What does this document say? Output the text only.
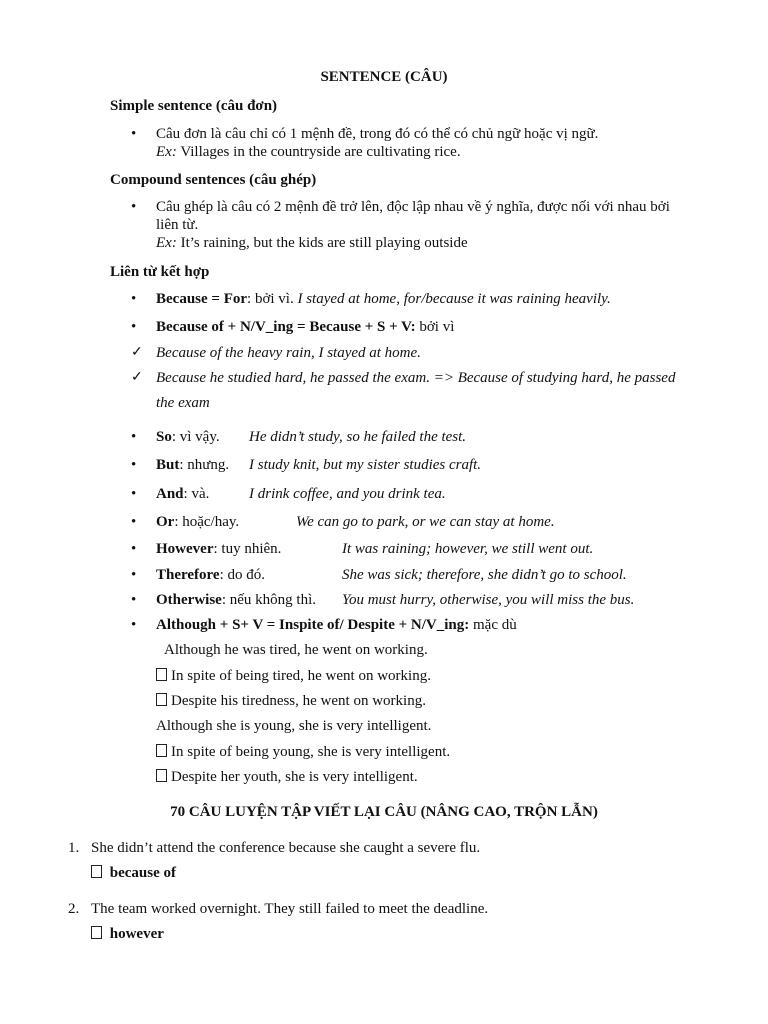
SENTENCE (CÂU)
Simple sentence (câu đơn)
• Câu đơn là câu chỉ có 1 mệnh đề, trong đó có thể có chủ ngữ hoặc vị ngữ.
Ex: Villages in the countryside are cultivating rice.
Compound sentences (câu ghép)
• Câu ghép là câu có 2 mệnh đề trở lên, độc lập nhau về ý nghĩa, được nối với nhau bởi
liên từ.
Ex: It’s raining, but the kids are still playing outside
Liên từ kết hợp
• Because = For: bởi vì. I stayed at home, for/because it was raining heavily.
• Because of + N/V_ing = Because + S + V: bởi vì
✓ Because of the heavy rain, I stayed at home.
✓ Because he studied hard, he passed the exam. => Because of studying hard, he passed
the exam
• So: vì vậy. He didn’t study, so he failed the test.
• But: nhưng. I study knit, but my sister studies craft.
• And: và.	I drink coffee, and you drink tea.
• Or: hoặc/hay.	We can go to park, or we can stay at home.
• However: tuy nhiên.	It was raining; however, we still went out.
• Therefore: do đó.	She was sick; therefore, she didn’t go to school.
• Otherwise: nếu không thì. You must hurry, otherwise, you will miss the bus.
• Although + S+ V = Inspite of/ Despite + N/V_ing: mặc dù
Although he was tired, he went on working.
In spite of being tired, he went on working.
Despite his tiredness, he went on working.
Although she is young, she is very intelligent.
In spite of being young, she is very intelligent.
Despite her youth, she is very intelligent.
70 CÂU LUYỆN TẬP VIẾT LẠI CÂU (NÂNG CAO, TRỘN LẪN)
1. She didn’t attend the conference because she caught a severe flu.
because of
2. The team worked overnight. They still failed to meet the deadline.
however
